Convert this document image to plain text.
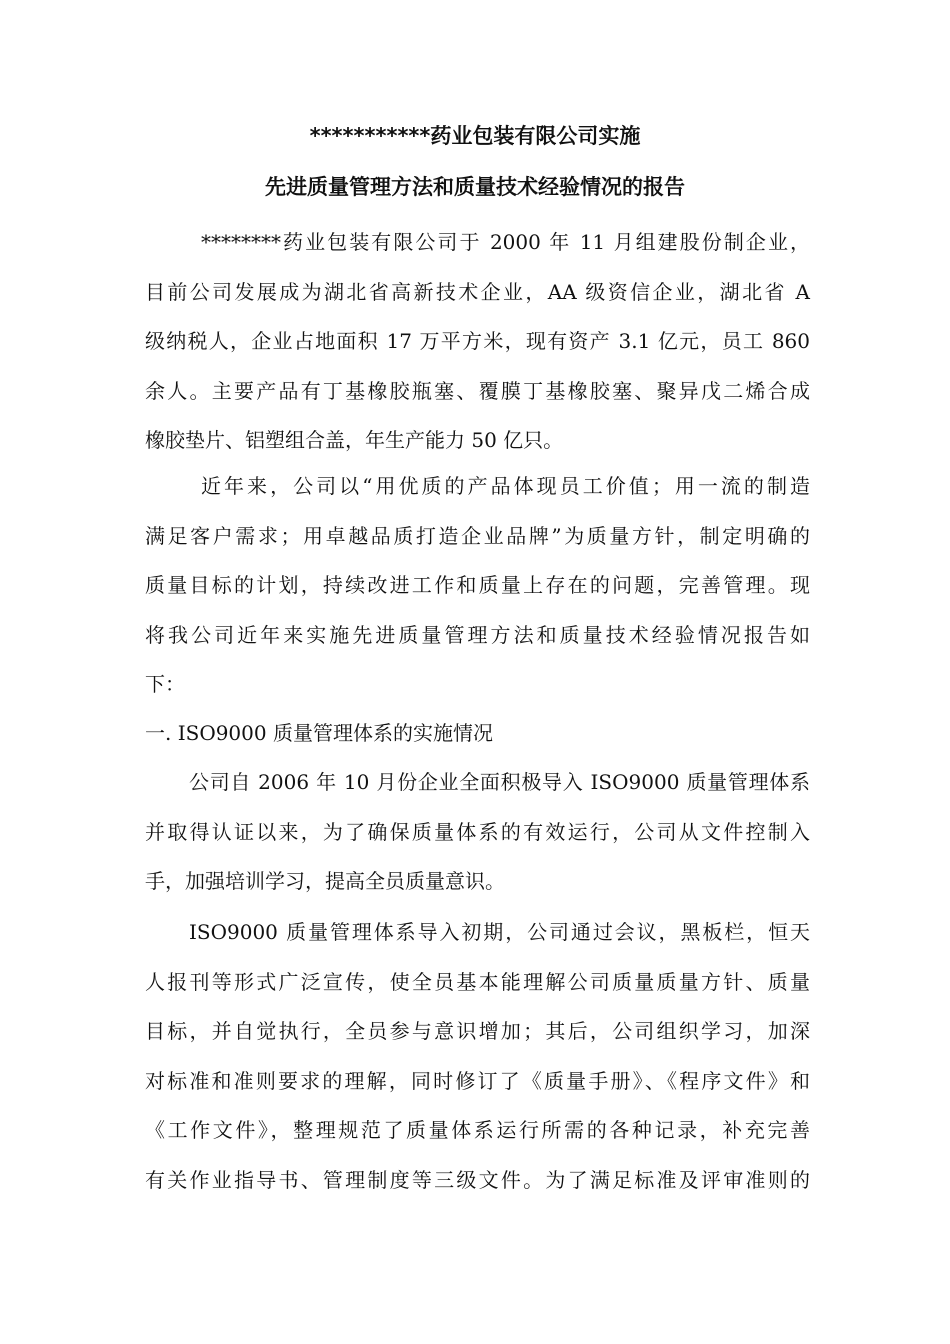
***********药业包装有限公司实施
先进质量管理方法和质量技术经验情况的报告
********药业包装有限公司于 2000 年 11 月组建股份制企业，
目前公司发展成为湖北省高新技术企业，AA 级资信企业，湖北省 A
级纳税人，企业占地面积 17 万平方米，现有资产 3.1 亿元，员工 860
余人。主要产品有丁基橡胶瓶塞、覆膜丁基橡胶塞、聚异戊二烯合成
橡胶垫片、铝塑组合盖，年生产能力 50 亿只。
近年来，公司以“用优质的产品体现员工价值；用一流的制造
满足客户需求；用卓越品质打造企业品牌”为质量方针，制定明确的
质量目标的计划，持续改进工作和质量上存在的问题，完善管理。现
将我公司近年来实施先进质量管理方法和质量技术经验情况报告如
下：
一. ISO9000 质量管理体系的实施情况
公司自 2006 年 10 月份企业全面积极导入 ISO9000 质量管理体系
并取得认证以来，为了确保质量体系的有效运行，公司从文件控制入
手，加强培训学习，提高全员质量意识。
ISO9000 质量管理体系导入初期，公司通过会议，黑板栏，恒天
人报刊等形式广泛宣传，使全员基本能理解公司质量质量方针、质量
目标，并自觉执行，全员参与意识增加；其后，公司组织学习，加深
对标准和准则要求的理解，同时修订了《质量手册》、《程序文件》和
《工作文件》，整理规范了质量体系运行所需的各种记录，补充完善
有关作业指导书、管理制度等三级文件。为了满足标准及评审准则的
